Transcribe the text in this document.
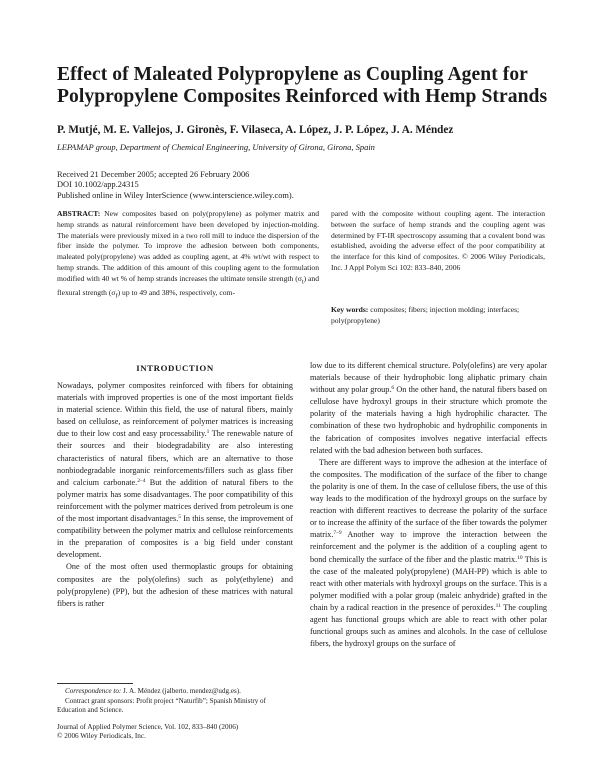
Effect of Maleated Polypropylene as Coupling Agent for
Polypropylene Composites Reinforced with Hemp Strands
P. Mutjé, M. E. Vallejos, J. Gironès, F. Vilaseca, A. López, J. P. López, J. A. Méndez
LEPAMAP group, Department of Chemical Engineering, University of Girona, Girona, Spain
Received 21 December 2005; accepted 26 February 2006
DOI 10.1002/app.24315
Published online in Wiley InterScience (www.interscience.wiley.com).
ABSTRACT: New composites based on poly(propylene) as polymer matrix and hemp strands as natural reinforcement have been developed by injection-molding. The materials were previously mixed in a two roll mill to induce the dispersion of the fiber inside the polymer. To improve the adhesion between both components, maleated poly(propylene) was added as coupling agent, at 4% wt/wt with respect to hemp strands. The addition of this amount of this coupling agent to the formulation modified with 40 wt % of hemp strands increases the ultimate tensile strength $(\sigma_t)$ and flexural strength $(\sigma_f)$ up to 49 and 38%, respectively, com-
pared with the composite without coupling agent. The interaction between the surface of hemp strands and the coupling agent was determined by FT-IR spectroscopy assuming that a covalent bond was established, avoiding the adverse effect of the poor compatibility at the interface for this kind of composites. © 2006 Wiley Periodicals, Inc. J Appl Polym Sci 102: 833–840, 2006
Key words: composites; fibers; injection molding; interfaces; poly(propylene)
INTRODUCTION

Nowadays, polymer composites reinforced with fibers for obtaining materials with improved properties is one of the most important fields in material science. Within this field, the use of natural fibers, mainly based on cellulose, as reinforcement of polymer matrices is increasing due to their low cost and easy processability.$^1$ The renewable nature of their sources and their biodegradability are also interesting characteristics of natural fibers, which are an alternative to those nonbiodegradable inorganic reinforcements/fillers such as glass fiber and calcium carbonate.$^{2-4}$ But the addition of natural fibers to the polymer matrix has some disadvantages. The poor compatibility of this reinforcement with the polymer matrices derived from petroleum is one of the most important disadvantages.$^5$ In this sense, the improvement of compatibility between the polymer matrix and cellulose reinforcements in the preparation of composites is a big field under constant development.

One of the most often used thermoplastic groups for obtaining composites are the poly(olefins) such as poly(ethylene) and poly(propylene) (PP), but the adhesion of these matrices with natural fibers is rather

low due to its different chemical structure. Poly(olefins) are very apolar materials because of their hydrophobic long aliphatic primary chain without any polar group.$^6$ On the other hand, the natural fibers based on cellulose have hydroxyl groups in their structure which promote the polarity of the materials having a high hydrophilic character. The combination of these two hydrophobic and hydrophilic components in the fabrication of composites involves negative interfacial effects related with the bad adhesion between both surfaces.

There are different ways to improve the adhesion at the interface of the composites. The modification of the surface of the fiber to change the polarity is one of them. In the case of cellulose fibers, the use of this way leads to the modification of the hydroxyl groups on the surface by reaction with different reactives to decrease the polarity of the surface or to increase the affinity of the surface of the fiber towards the polymer matrix.$^{7-9}$ Another way to improve the interaction between the reinforcement and the polymer is the addition of a coupling agent to bond chemically the surface of the fiber and the plastic matrix.$^{10}$ This is the case of the maleated poly(propylene) (MAH-PP) which is able to react with other materials with hydroxyl groups on the surface. This is a polymer modified with a polar group (maleic anhydride) grafted in the chain by a radical reaction in the presence of peroxides.$^{11}$ The coupling agent has functional groups which are able to react with other polar functional groups such as amines and alcohols. In the case of cellulose fibers, the hydroxyl groups on the surface of

Correspondence to: J. A. Méndez (jalberto. mendez@udg.es).
Contract grant sponsors: Profit project “Naturfib”; Spanish Ministry of Education and Science.
Journal of Applied Polymer Science, Vol. 102, 833–840 (2006)
© 2006 Wiley Periodicals, Inc.
